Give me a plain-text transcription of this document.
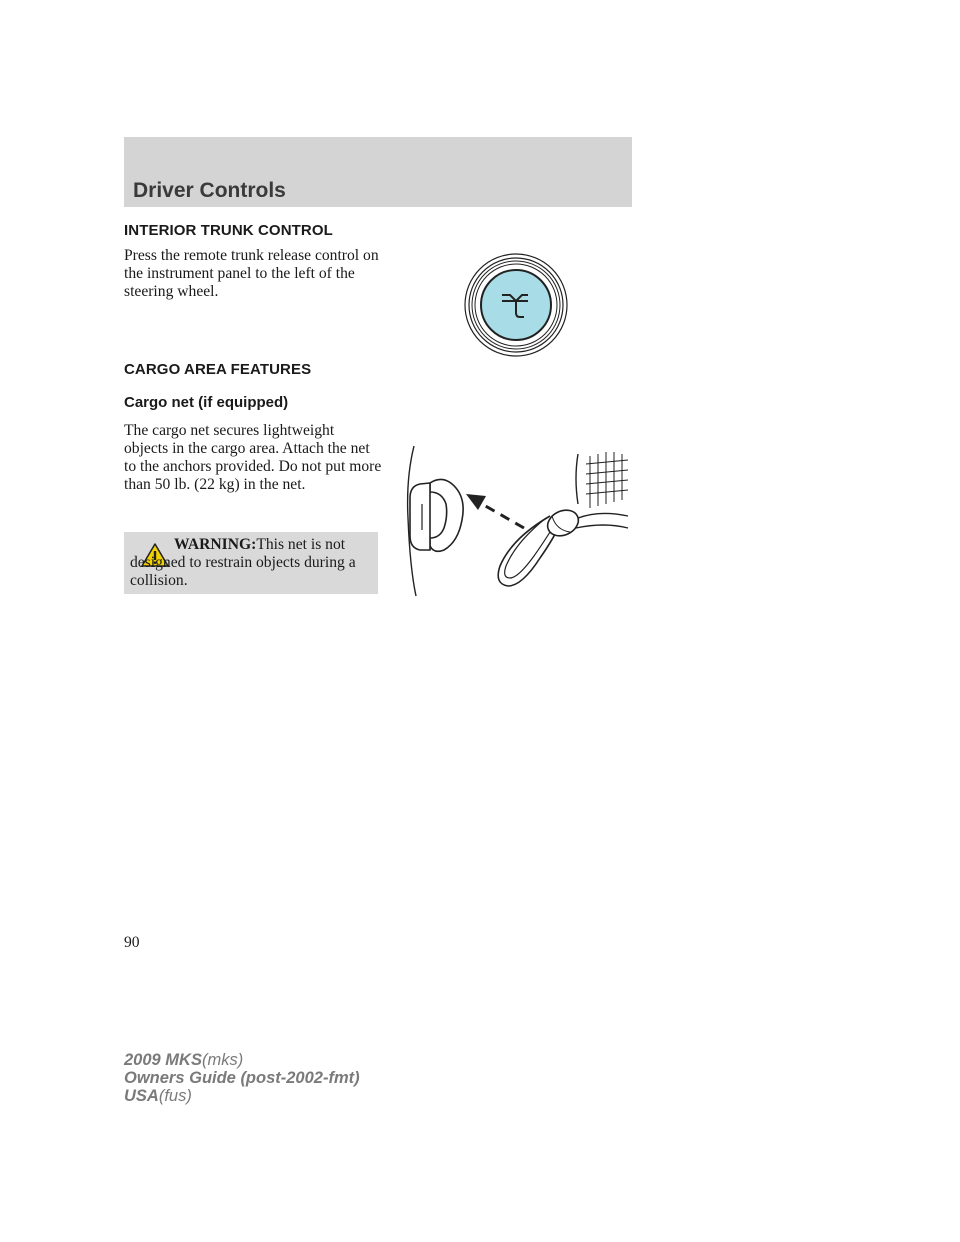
Driver Controls
INTERIOR TRUNK CONTROL

Press the remote trunk release control on the instrument panel to the left of the steering wheel.

CARGO AREA FEATURES
Cargo net (if equipped)

The cargo net secures lightweight objects in the cargo area. Attach the net to the anchors provided. Do not put more than 50 lb. (22 kg) in the net.

WARNING:This net is not designed to restrain objects during a collision.

90

2009 MKS(mks)
Owners Guide (post-2002-fmt)
USA(fus)
